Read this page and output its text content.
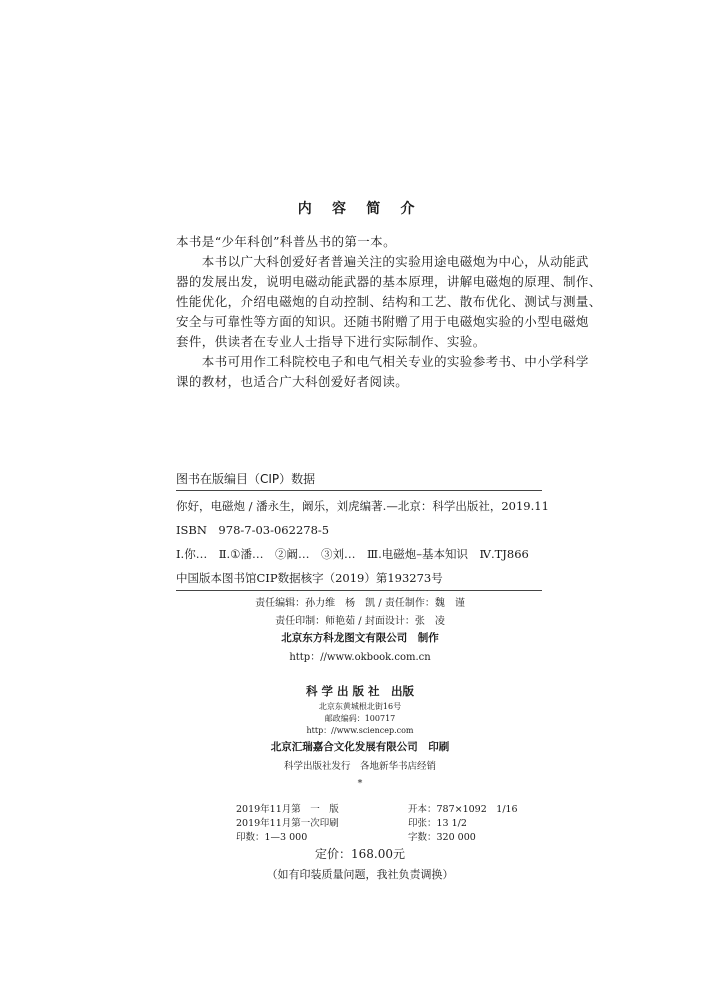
内 容 简 介
本书是“少年科创”科普丛书的第一本。
　　本书以广大科创爱好者普遍关注的实验用途电磁炮为中心，从动能武
器的发展出发，说明电磁动能武器的基本原理，讲解电磁炮的原理、制作、
性能优化，介绍电磁炮的自动控制、结构和工艺、散布优化、测试与测量、
安全与可靠性等方面的知识。还随书附赠了用于电磁炮实验的小型电磁炮
套件，供读者在专业人士指导下进行实际制作、实验。
　　本书可用作工科院校电子和电气相关专业的实验参考书、中小学科学
课的教材，也适合广大科创爱好者阅读。
图书在版编目（CIP）数据
你好，电磁炮 / 潘永生，阚乐，刘虎编著.—北京：科学出版社，2019.11
ISBN　978-7-03-062278-5
Ⅰ.你…　Ⅱ.①潘…　②阚…　③刘…　Ⅲ.电磁炮–基本知识　Ⅳ.TJ866
中国版本图书馆CIP数据核字（2019）第193273号
责任编辑：孙力维　杨　凯 / 责任制作：魏　谨
责任印制：师艳茹 / 封面设计：张　凌
北京东方科龙图文有限公司　制作
http：//www.okbook.com.cn
科 学 出 版 社　出版
北京东黄城根北街16号
邮政编码：100717
http：//www.sciencep.com
北京汇瑞嘉合文化发展有限公司　印刷
科学出版社发行　各地新华书店经销
*
2019年11月第　一　版
2019年11月第一次印刷
印数：1—3 000
开本：787×1092　1/16
印张：13 1/2
字数：320 000
定价：168.00元
（如有印装质量问题，我社负责调换）
